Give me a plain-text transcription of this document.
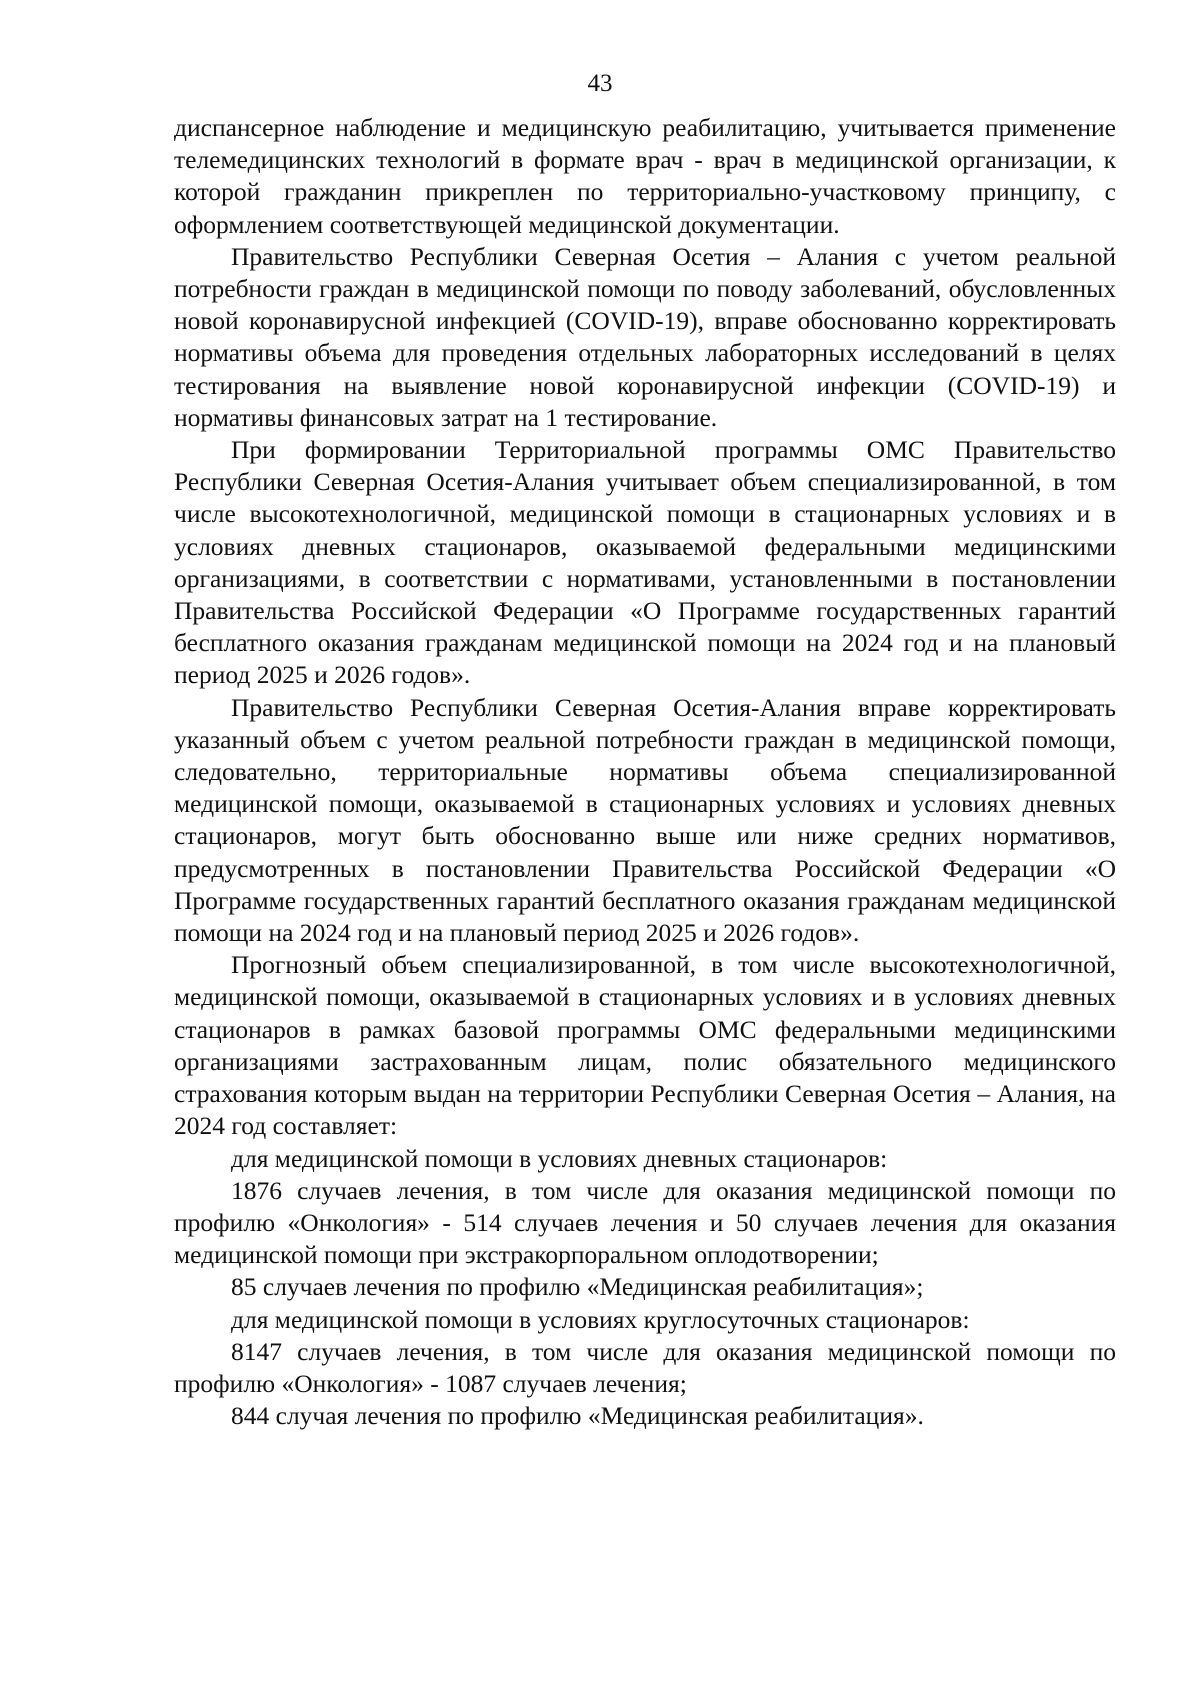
43

диспансерное наблюдение и медицинскую реабилитацию, учитывается применение телемедицинских технологий в формате врач - врач в медицинской организации, к которой гражданин прикреплен по территориально-участковому принципу, с оформлением соответствующей медицинской документации.

Правительство Республики Северная Осетия – Алания с учетом реальной потребности граждан в медицинской помощи по поводу заболеваний, обусловленных новой коронавирусной инфекцией (COVID-19), вправе обоснованно корректировать нормативы объема для проведения отдельных лабораторных исследований в целях тестирования на выявление новой коронавирусной инфекции (COVID-19) и нормативы финансовых затрат на 1 тестирование.

При формировании Территориальной программы ОМС Правительство Республики Северная Осетия-Алания учитывает объем специализированной, в том числе высокотехнологичной, медицинской помощи в стационарных условиях и в условиях дневных стационаров, оказываемой федеральными медицинскими организациями, в соответствии с нормативами, установленными в постановлении Правительства Российской Федерации «О Программе государственных гарантий бесплатного оказания гражданам медицинской помощи на 2024 год и на плановый период 2025 и 2026 годов».

Правительство Республики Северная Осетия-Алания вправе корректировать указанный объем с учетом реальной потребности граждан в медицинской помощи, следовательно, территориальные нормативы объема специализированной медицинской помощи, оказываемой в стационарных условиях и условиях дневных стационаров, могут быть обоснованно выше или ниже средних нормативов, предусмотренных в постановлении Правительства Российской Федерации «О Программе государственных гарантий бесплатного оказания гражданам медицинской помощи на 2024 год и на плановый период 2025 и 2026 годов».

Прогнозный объем специализированной, в том числе высокотехнологичной, медицинской помощи, оказываемой в стационарных условиях и в условиях дневных стационаров в рамках базовой программы ОМС федеральными медицинскими организациями застрахованным лицам, полис обязательного медицинского страхования которым выдан на территории Республики Северная Осетия – Алания, на 2024 год составляет:

для медицинской помощи в условиях дневных стационаров:

1876 случаев лечения, в том числе для оказания медицинской помощи по профилю «Онкология» - 514 случаев лечения и 50 случаев лечения для оказания медицинской помощи при экстракорпоральном оплодотворении;

85 случаев лечения по профилю «Медицинская реабилитация»;

для медицинской помощи в условиях круглосуточных стационаров:

8147 случаев лечения, в том числе для оказания медицинской помощи по профилю «Онкология» - 1087 случаев лечения;

844 случая лечения по профилю «Медицинская реабилитация».
